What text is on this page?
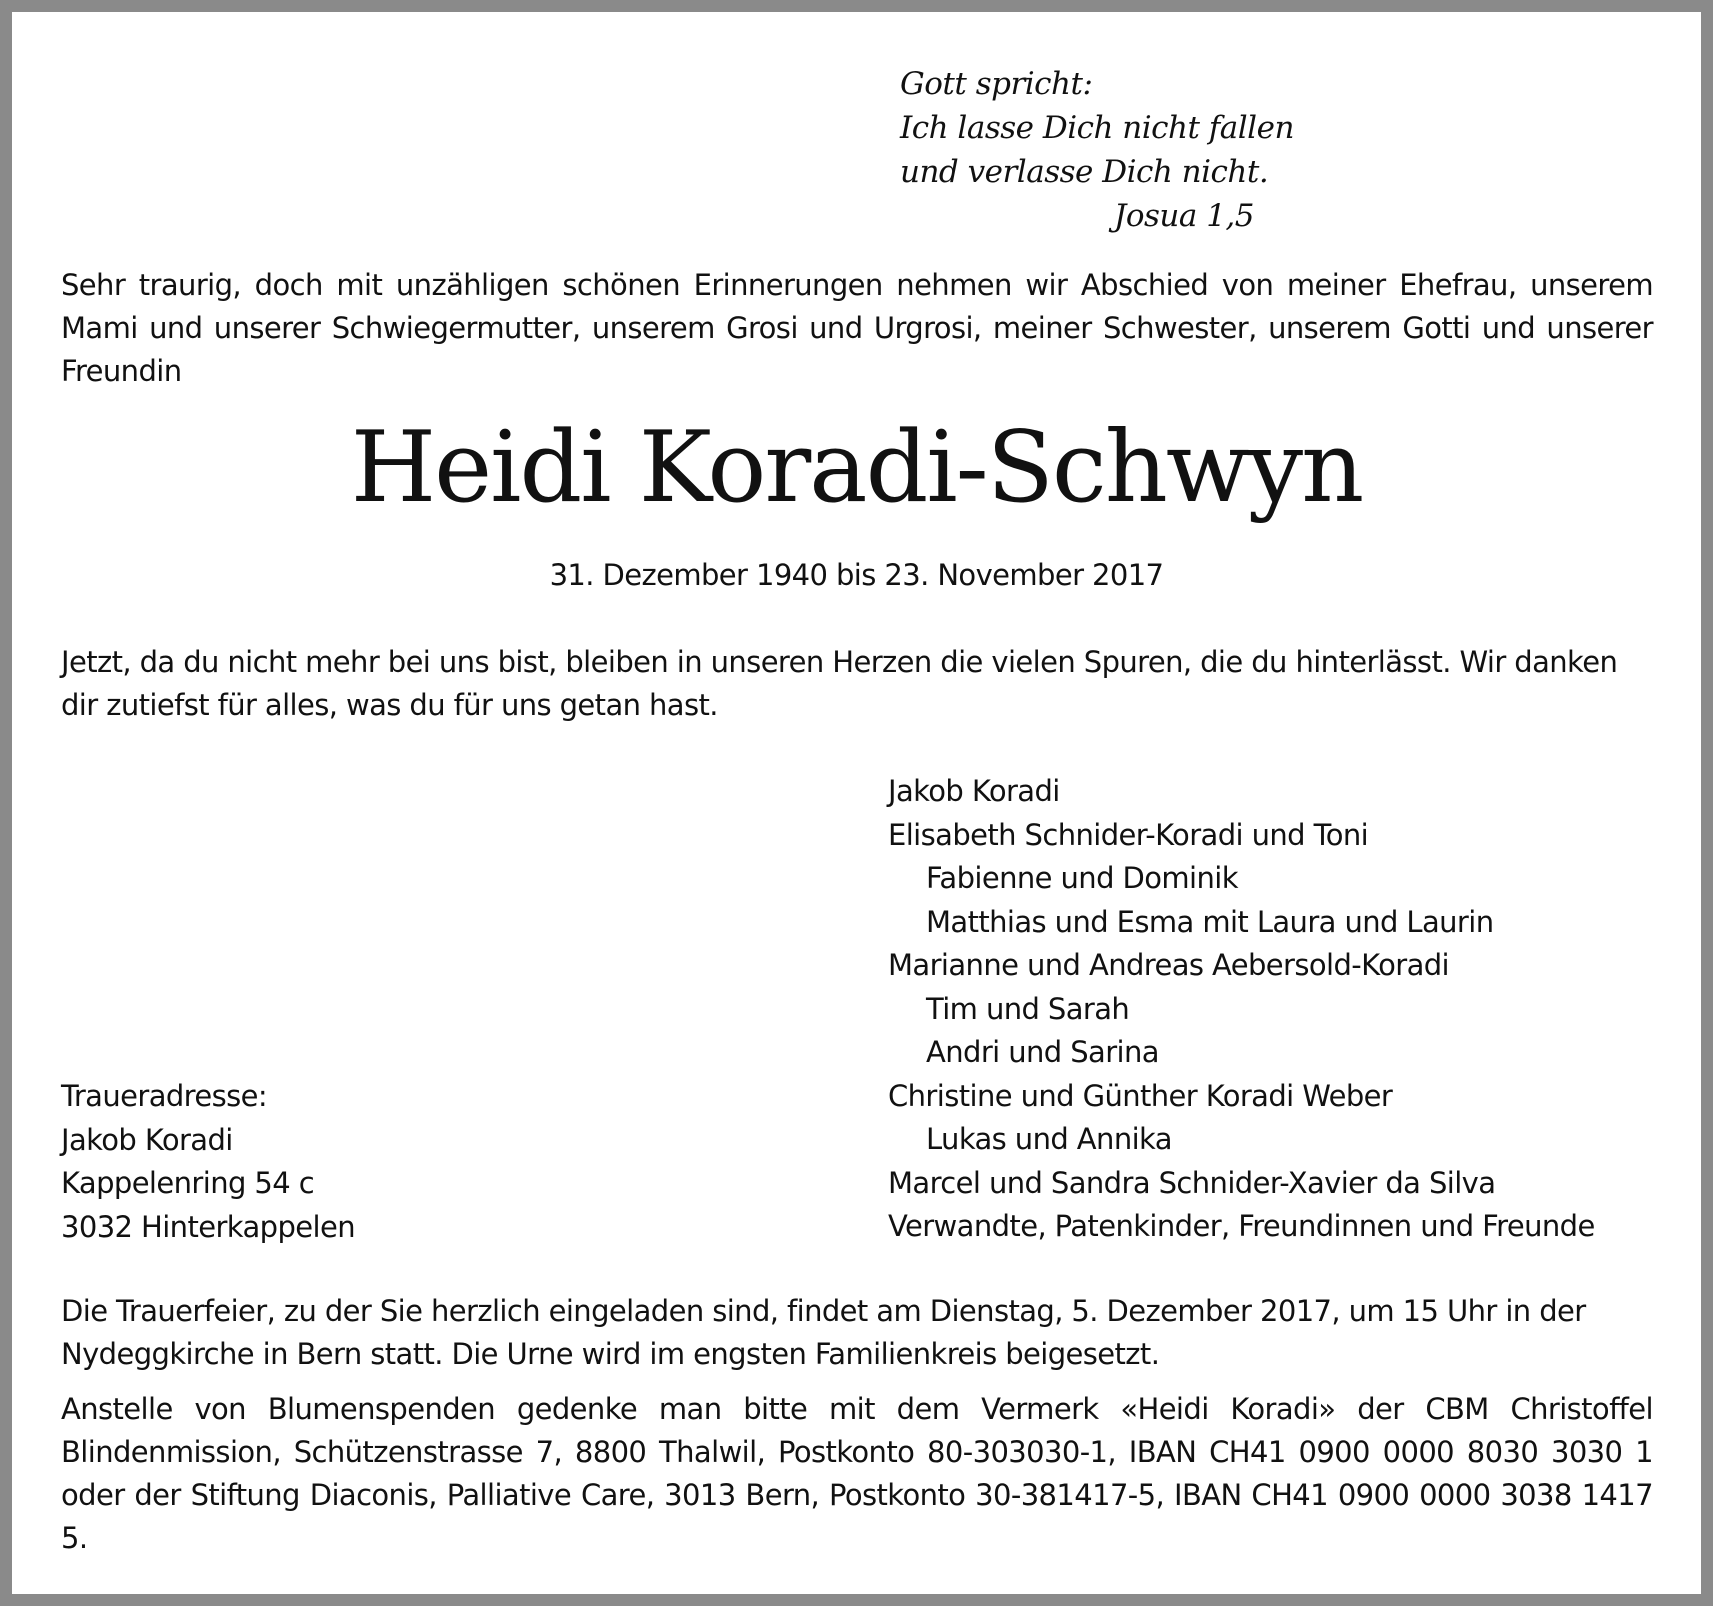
Gott spricht:
Ich lasse Dich nicht fallen
und verlasse Dich nicht.
Josua 1,5
Sehr traurig, doch mit unzähligen schönen Erinnerungen nehmen wir Abschied von meiner Ehefrau, unserem Mami und unserer Schwiegermutter, unserem Grosi und Urgrosi, meiner Schwester, unserem Gotti und unserer Freundin
Heidi Koradi-Schwyn
31. Dezember 1940 bis 23. November 2017
Jetzt, da du nicht mehr bei uns bist, bleiben in unseren Herzen die vielen Spuren, die du hinterlässt. Wir danken dir zutiefst für alles, was du für uns getan hast.
Jakob Koradi
Elisabeth Schnider-Koradi und Toni
Fabienne und Dominik
Matthias und Esma mit Laura und Laurin
Marianne und Andreas Aebersold-Koradi
Tim und Sarah
Andri und Sarina
Christine und Günther Koradi Weber
Lukas und Annika
Marcel und Sandra Schnider-Xavier da Silva
Verwandte, Patenkinder, Freundinnen und Freunde
Traueradresse:
Jakob Koradi
Kappelenring 54 c
3032 Hinterkappelen
Die Trauerfeier, zu der Sie herzlich eingeladen sind, findet am Dienstag, 5. Dezember 2017, um 15 Uhr in der Nydeggkirche in Bern statt. Die Urne wird im engsten Familienkreis beigesetzt.
Anstelle von Blumenspenden gedenke man bitte mit dem Vermerk «Heidi Koradi» der CBM Christoffel Blindenmission, Schützenstrasse 7, 8800 Thalwil, Postkonto 80-303030-1, IBAN CH41 0900 0000 8030 3030 1 oder der Stiftung Diaconis, Palliative Care, 3013 Bern, Postkonto 30-381417-5, IBAN CH41 0900 0000 3038 1417 5.
